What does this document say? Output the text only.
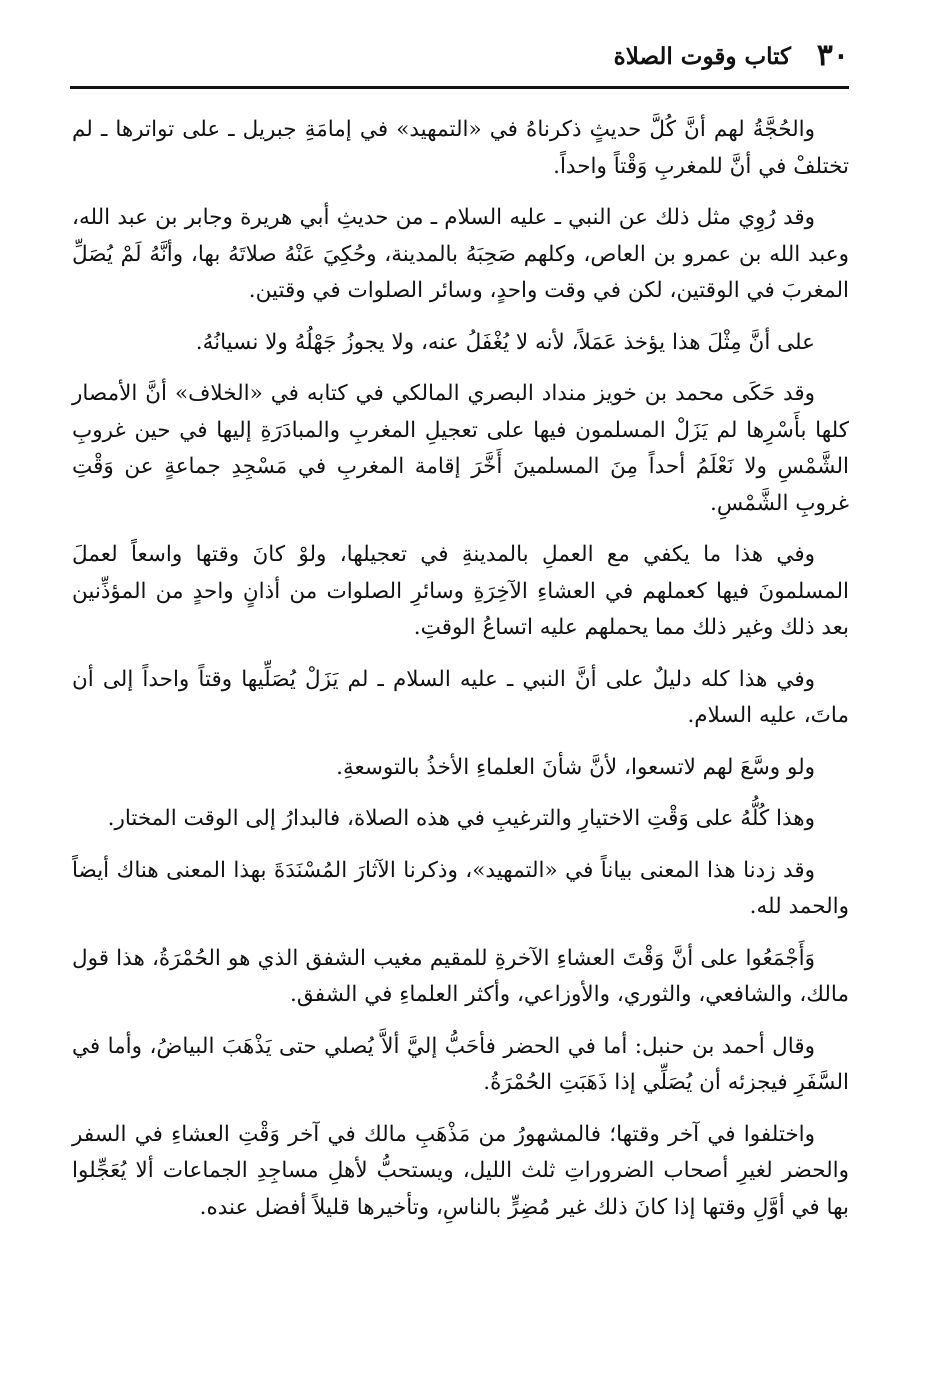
٣٠
كتاب وقوت الصلاة

والحُجَّةُ لهم أنَّ كُلَّ حديثٍ ذكرناهُ في «التمهيد» في إمامَةِ جبريل ـ على تواترها ـ لم تختلفْ في أنَّ للمغربِ وَقْتاً واحداً.

وقد رُوِي مثل ذلك عن النبي ـ عليه السلام ـ من حديثِ أبي هريرة وجابر بن عبد الله، وعبد الله بن عمرو بن العاص، وكلهم صَحِبَهُ بالمدينة، وحُكِيَ عَنْهُ صلاتَهُ بها، وأنَّهُ لَمْ يُصَلِّ المغربَ في الوقتين، لكن في وقت واحدٍ، وسائر الصلوات في وقتين.

على أنَّ مِثْلَ هذا يؤخذ عَمَلاً، لأنه لا يُغْفَلُ عنه، ولا يجوزُ جَهْلُهُ ولا نسيانُهُ.

وقد حَكَى محمد بن خويز منداد البصري المالكي في كتابه في «الخلاف» أنَّ الأمصار كلها بأَسْرِها لم يَزَلْ المسلمون فيها على تعجيلِ المغربِ والمبادَرَةِ إليها في حين غروبِ الشَّمْسِ ولا نَعْلَمُ أحداً مِنَ المسلمينَ أَخَّرَ إقامة المغربِ في مَسْجِدِ جماعةٍ عن وَقْتِ غروبِ الشَّمْسِ.

وفي هذا ما يكفي مع العملِ بالمدينةِ في تعجيلها، ولوْ كانَ وقتها واسعاً لعملَ المسلمونَ فيها كعملهم في العشاءِ الآخِرَةِ وسائرِ الصلوات من أذانٍ واحدٍ من المؤذِّنين بعد ذلك وغير ذلك مما يحملهم عليه اتساعُ الوقتِ.

وفي هذا كله دليلٌ على أنَّ النبي ـ عليه السلام ـ لم يَزَلْ يُصَلِّيها وقتاً واحداً إلى أن ماتَ، عليه السلام.

ولو وسَّعَ لهم لاتسعوا، لأنَّ شأنَ العلماءِ الأخذُ بالتوسعةِ.

وهذا كُلُّهُ على وَقْتِ الاختيارِ والترغيبِ في هذه الصلاة، فالبدارُ إلى الوقت المختار.

وقد زدنا هذا المعنى بياناً في «التمهيد»، وذكرنا الآثارَ المُسْنَدَةَ بهذا المعنى هناك أيضاً والحمد لله.

وَأَجْمَعُوا على أنَّ وَقْتَ العشاءِ الآخرةِ للمقيم مغيب الشفق الذي هو الحُمْرَةُ، هذا قول مالك، والشافعي، والثوري، والأوزاعي، وأكثر العلماءِ في الشفق.

وقال أحمد بن حنبل: أما في الحضر فأحَبُّ إليَّ ألاَّ يُصلي حتى يَذْهَبَ البياضُ، وأما في السَّفَرِ فيجزئه أن يُصَلِّي إذا ذَهَبَتِ الحُمْرَةُ.

واختلفوا في آخر وقتها؛ فالمشهورُ من مَذْهَبِ مالك في آخر وَقْتِ العشاءِ في السفر والحضر لغيرِ أصحاب الضروراتِ ثلث الليل، ويستحبُّ لأهلِ مساجِدِ الجماعات ألا يُعَجِّلوا بها في أوَّلِ وقتها إذا كانَ ذلك غير مُضِرٍّ بالناسِ، وتأخيرها قليلاً أفضل عنده.
